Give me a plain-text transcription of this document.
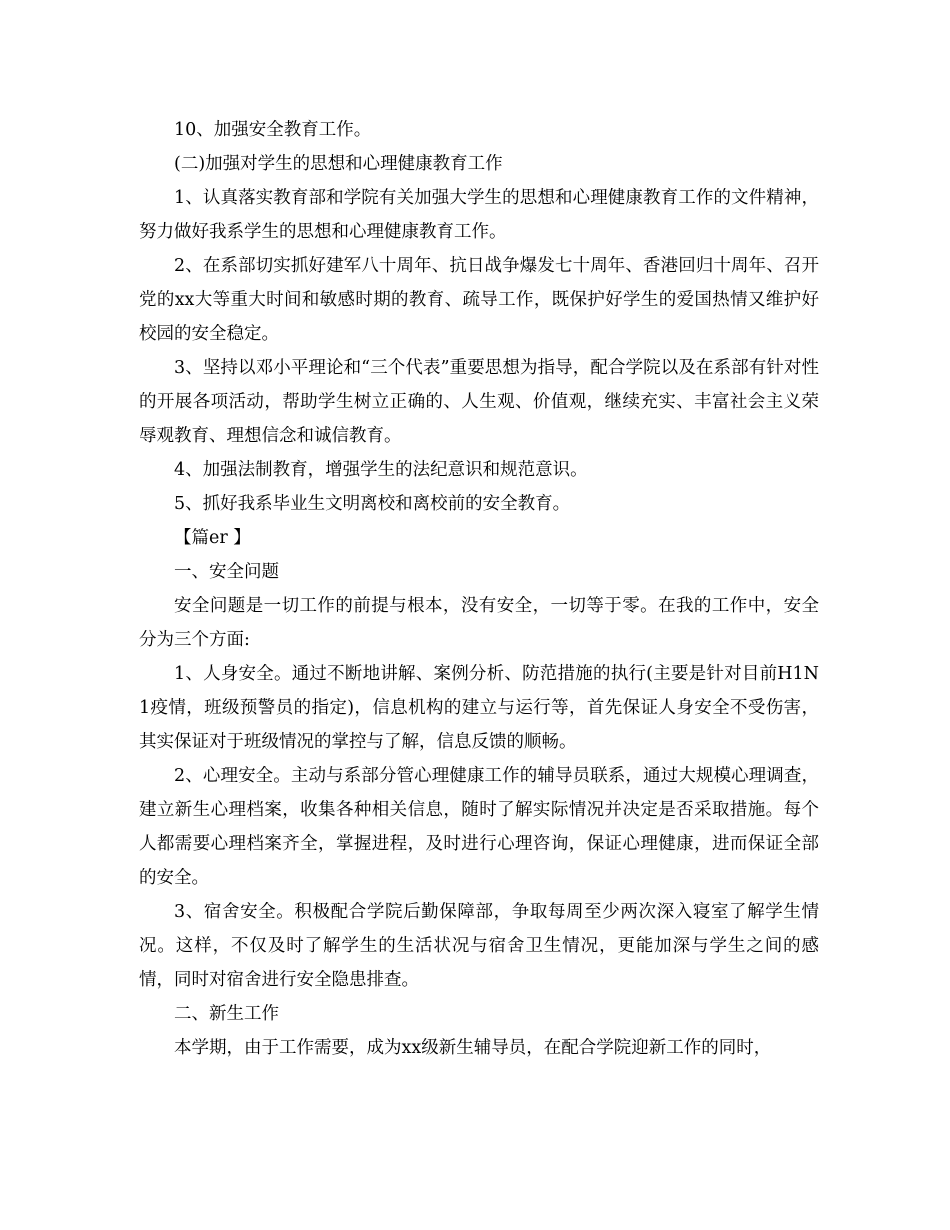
10、加强安全教育工作。

(二)加强对学生的思想和心理健康教育工作

1、认真落实教育部和学院有关加强大学生的思想和心理健康教育工作的文件精神，努力做好我系学生的思想和心理健康教育工作。

2、在系部切实抓好建军八十周年、抗日战争爆发七十周年、香港回归十周年、召开党的xx大等重大时间和敏感时期的教育、疏导工作，既保护好学生的爱国热情又维护好校园的安全稳定。

3、坚持以邓小平理论和“三个代表”重要思想为指导，配合学院以及在系部有针对性的开展各项活动，帮助学生树立正确的、人生观、价值观，继续充实、丰富社会主义荣辱观教育、理想信念和诚信教育。

4、加强法制教育，增强学生的法纪意识和规范意识。

5、抓好我系毕业生文明离校和离校前的安全教育。

【篇er 】

一、安全问题

安全问题是一切工作的前提与根本，没有安全，一切等于零。在我的工作中，安全分为三个方面:

1、人身安全。通过不断地讲解、案例分析、防范措施的执行(主要是针对目前H1N1疫情，班级预警员的指定)，信息机构的建立与运行等，首先保证人身安全不受伤害，其实保证对于班级情况的掌控与了解，信息反馈的顺畅。

2、心理安全。主动与系部分管心理健康工作的辅导员联系，通过大规模心理调查，建立新生心理档案，收集各种相关信息，随时了解实际情况并决定是否采取措施。每个人都需要心理档案齐全，掌握进程，及时进行心理咨询，保证心理健康，进而保证全部的安全。

3、宿舍安全。积极配合学院后勤保障部，争取每周至少两次深入寝室了解学生情况。这样，不仅及时了解学生的生活状况与宿舍卫生情况，更能加深与学生之间的感情，同时对宿舍进行安全隐患排查。

二、新生工作

本学期，由于工作需要，成为xx级新生辅导员，在配合学院迎新工作的同时，
